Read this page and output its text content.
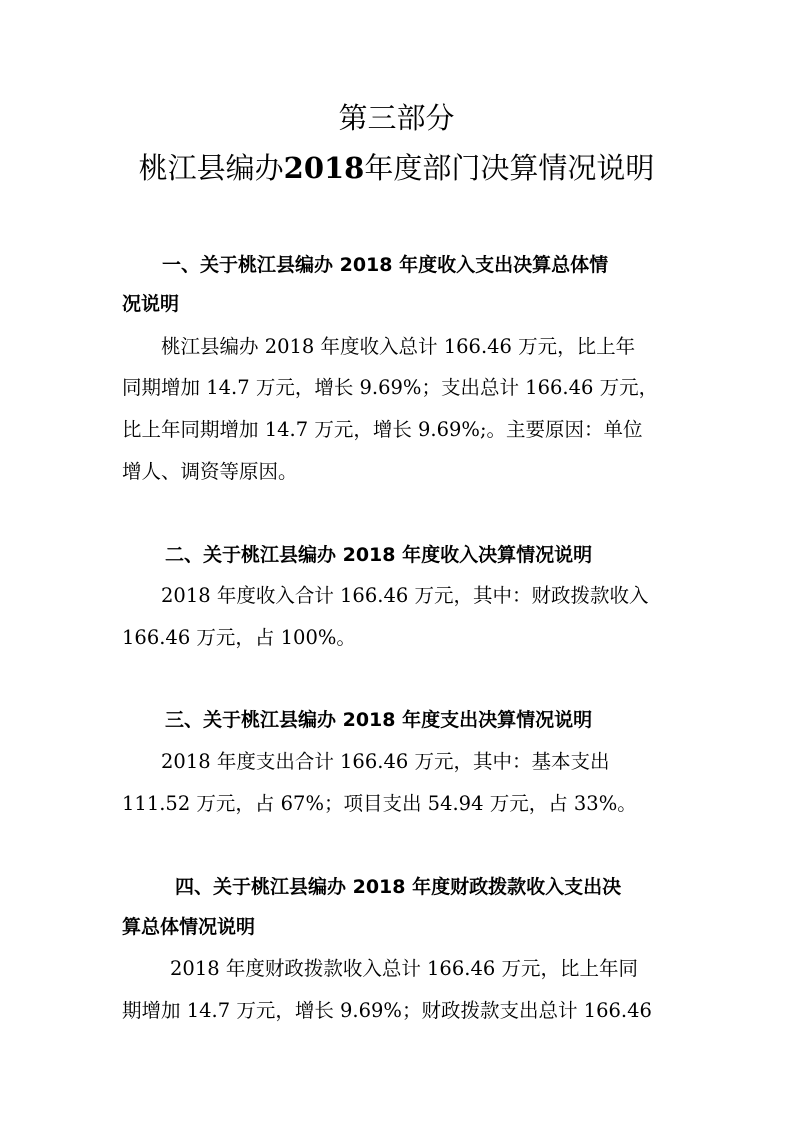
第三部分
桃江县编办2018年度部门决算情况说明
一、关于桃江县编办 2018 年度收入支出决算总体情
况说明
桃江县编办 2018 年度收入总计 166.46 万元，比上年
同期增加 14.7 万元，增长 9.69%；支出总计 166.46 万元，
比上年同期增加 14.7 万元，增长 9.69%;。主要原因：单位
增人、调资等原因。
二、关于桃江县编办 2018 年度收入决算情况说明
2018 年度收入合计 166.46 万元，其中：财政拨款收入
166.46 万元，占 100%。
三、关于桃江县编办 2018 年度支出决算情况说明
2018 年度支出合计 166.46 万元，其中：基本支出
111.52 万元，占 67%；项目支出 54.94 万元，占 33%。
四、关于桃江县编办 2018 年度财政拨款收入支出决
算总体情况说明
2018 年度财政拨款收入总计 166.46 万元，比上年同
期增加 14.7 万元，增长 9.69%；财政拨款支出总计 166.46
